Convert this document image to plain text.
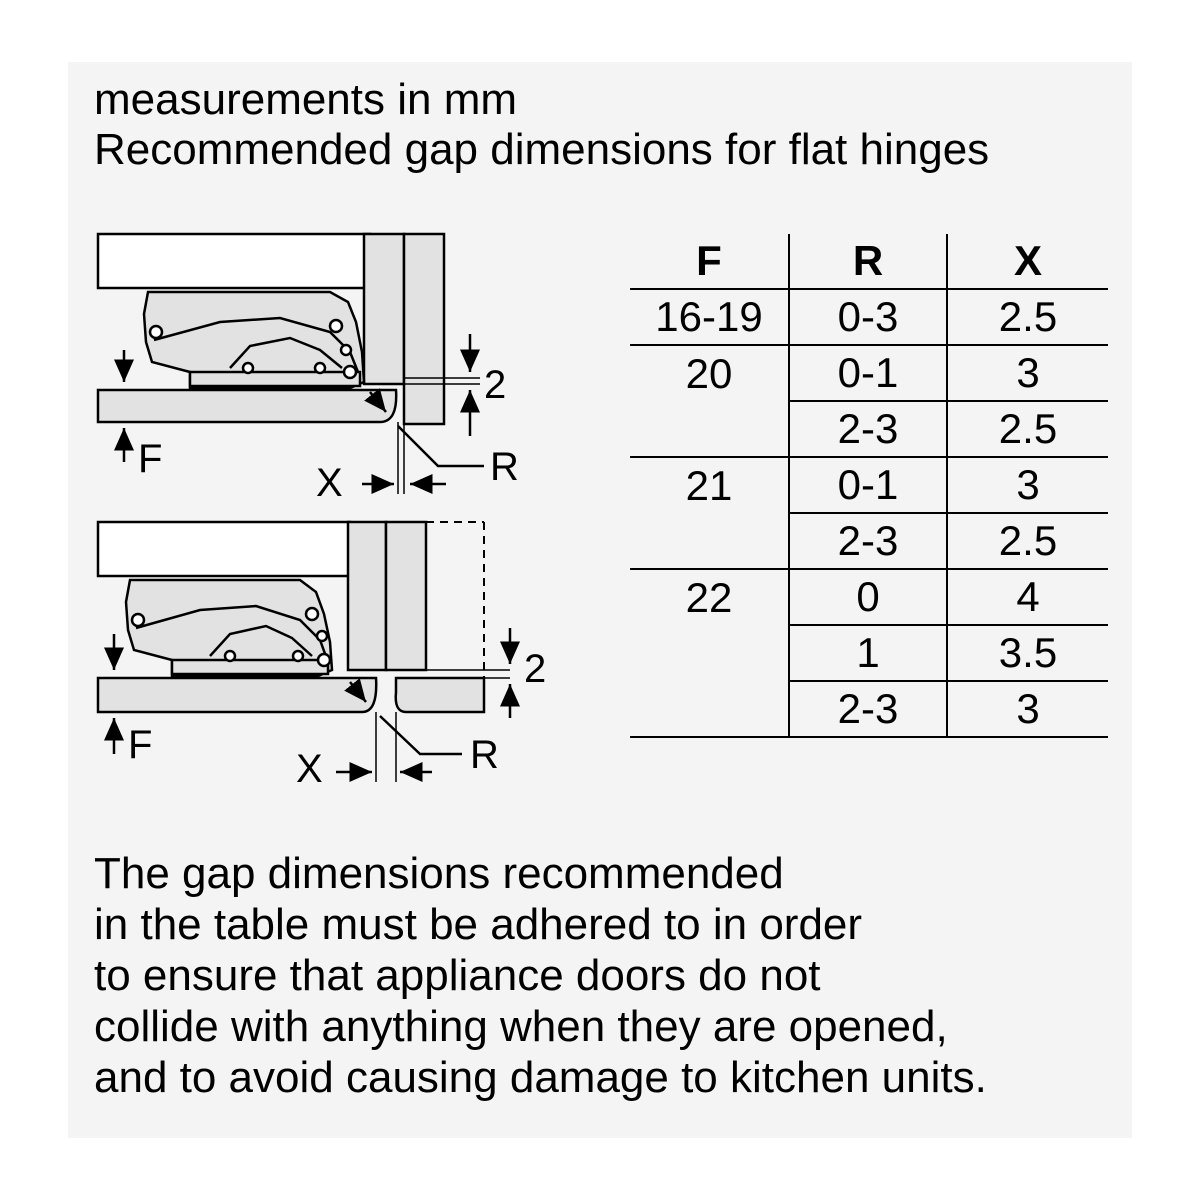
measurements in mm
Recommended gap dimensions for flat hinges
F
2
X	R
F
2
X	R
F	R	X
16-19	0-3	2.5
20	0-1	3
	2-3	2.5
21	0-1	3
	2-3	2.5
22	0	4
	1	3.5
	2-3	3
The gap dimensions recommended
in the table must be adhered to in order
to ensure that appliance doors do not
collide with anything when they are opened,
and to avoid causing damage to kitchen units.
